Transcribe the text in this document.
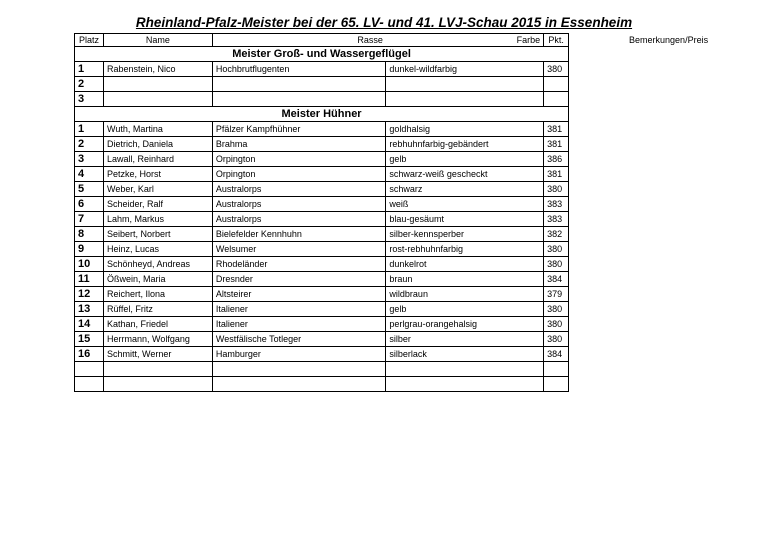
Rheinland-Pfalz-Meister bei der 65. LV- und 41. LVJ-Schau 2015 in Essenheim
Platz	Name	Rasse	Farbe	Pkt.	Bemerkungen/Preis
Meister Groß- und Wassergeflügel					
1	Rabenstein, Nico	Hochbrutflugenten	dunkel-wildfarbig	380	
2					
3					
Meister Hühner					
1	Wuth, Martina	Pfälzer Kampfhühner	goldhalsig	381	
2	Dietrich, Daniela	Brahma	rebhuhnfarbig-gebändert	381	
3	Lawall, Reinhard	Orpington	gelb	386	
4	Petzke, Horst	Orpington	schwarz-weiß gescheckt	381	
5	Weber, Karl	Australorps	schwarz	380	
6	Scheider, Ralf	Australorps	weiß	383	
7	Lahm, Markus	Australorps	blau-gesäumt	383	
8	Seibert, Norbert	Bielefelder Kennhuhn	silber-kennsperber	382	
9	Heinz, Lucas	Welsumer	rost-rebhuhnfarbig	380	
10	Schönheyd, Andreas	Rhodeländer	dunkelrot	380	
11	Ößwein, Maria	Dresnder	braun	384	
12	Reichert, Ilona	Altsteirer	wildbraun	379	
13	Rüffel, Fritz	Italiener	gelb	380	
14	Kathan, Friedel	Italiener	perlgrau-orangehalsig	380	
15	Herrmann, Wolfgang	Westfälische Totleger	silber	380	
16	Schmitt, Werner	Hamburger	silberlack	384	
